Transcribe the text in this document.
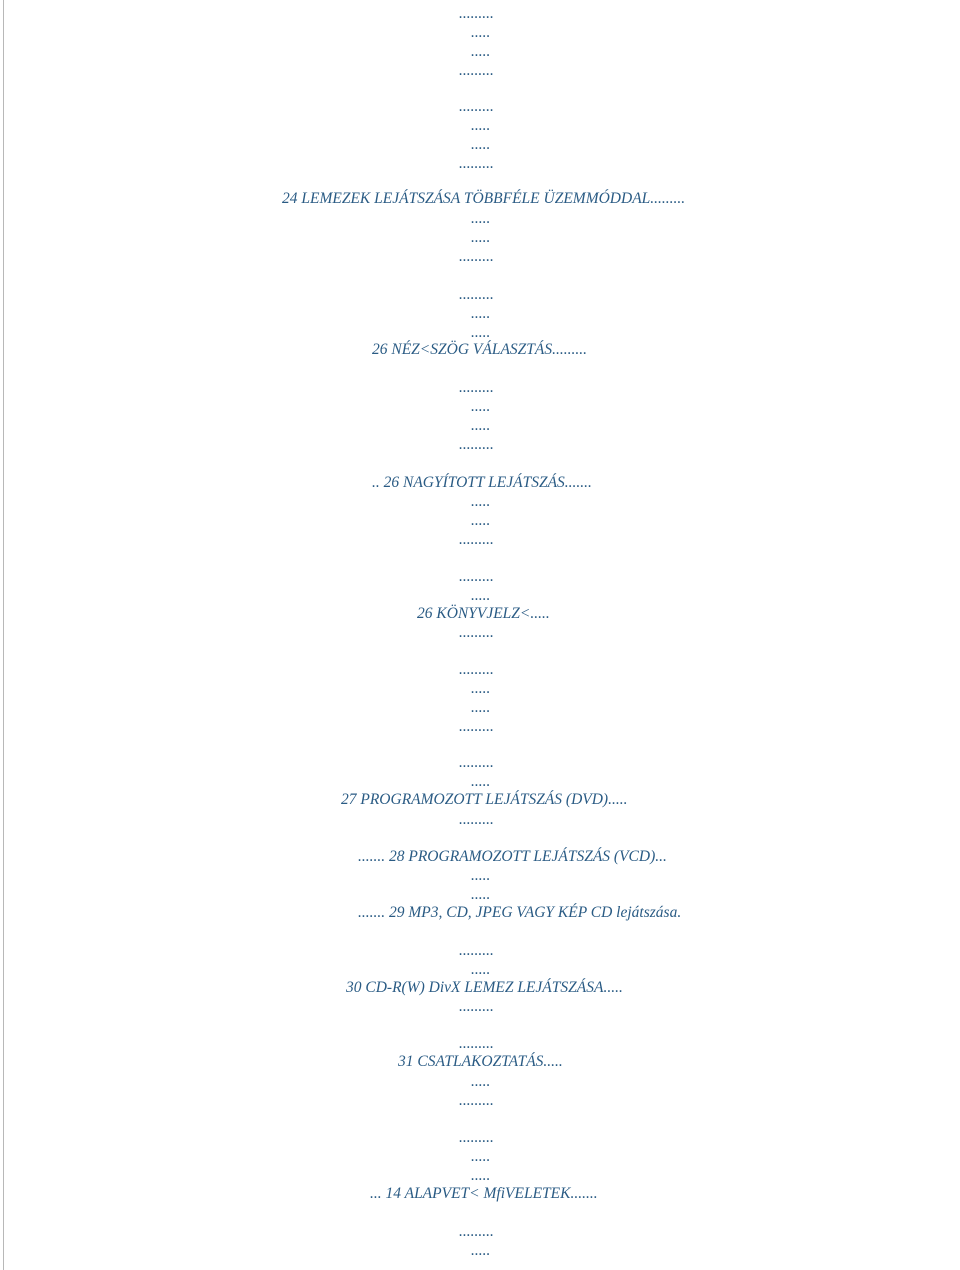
.........
.....
.....
.........
.........
.....
.....
.........
24 LEMEZEK LEJÁTSZÁSA TÖBBFÉLE ÜZEMMÓDDAL.........
.....
.....
.........
.........
.....
.....
26 NÉZ<SZÖG VÁLASZTÁS.........
.........
.....
.....
.........
.. 26 NAGYÍTOTT LEJÁTSZÁS.......
.....
.....
.........
.........
.....
26 KÖNYVJELZ<.....
.........
.........
.....
.....
.........
.........
.....
27 PROGRAMOZOTT LEJÁTSZÁS (DVD).....
.........
....... 28 PROGRAMOZOTT LEJÁTSZÁS (VCD)...
.....
.....
....... 29 MP3, CD, JPEG VAGY KÉP CD lejátszása.
.........
.....
30 CD-R(W) DivX LEMEZ LEJÁTSZÁSA.....
.........
.........
31 CSATLAKOZTATÁS.....
.....
.........
.........
.....
.....
... 14 ALAPVET< MfiVELETEK.......
.........
.....
